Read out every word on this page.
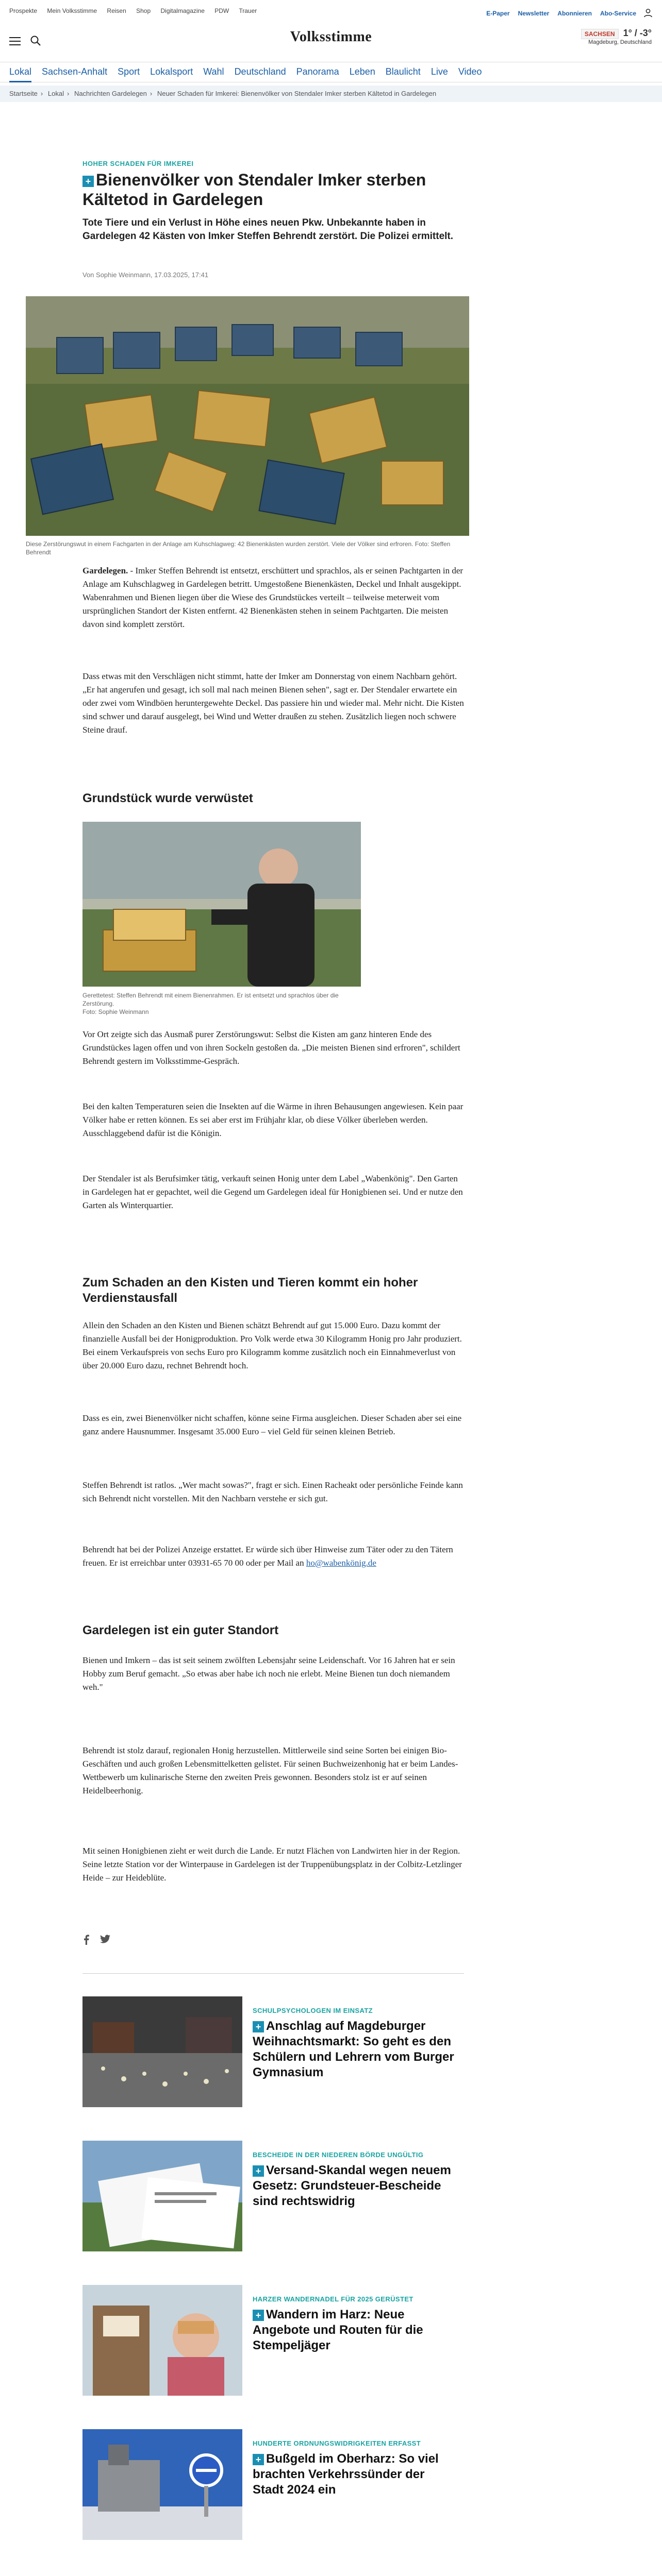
Prospekte Mein Volksstimme Reisen Shop Digitalmagazine PDW Trauer	E-Paper Newsletter Abonnieren Abo-Service
Volksstimme	SACHSEN 1° / -3°
Magdeburg, Deutschland
Lokal Sachsen-Anhalt Sport Lokalsport Wahl Deutschland Panorama Leben Blaulicht Live Video
Startseite › Lokal › Nachrichten Gardelegen › Neuer Schaden für Imkerei: Bienenvölker von Stendaler Imker sterben Kältetod in Gardelegen
HOHER SCHADEN FÜR IMKEREI
+ Bienenvölker von Stendaler Imker sterben Kältetod in Gardelegen
Tote Tiere und ein Verlust in Höhe eines neuen Pkw. Unbekannte haben in Gardelegen 42 Kästen von Imker Steffen Behrendt zerstört. Die Polizei ermittelt.
Von Sophie Weinmann, 17.03.2025, 17:41
Diese Zerstörungswut in einem Fachgarten in der Anlage am Kuhschlagweg: 42 Bienenkästen wurden zerstört. Viele der Völker sind erfroren. Foto: Steffen Behrendt
Gardelegen. - Imker Steffen Behrendt ist entsetzt, erschüttert und sprachlos, als er seinen Pachtgarten in der Anlage am Kuhschlagweg in Gardelegen betritt. Umgestoßene Bienenkästen, Deckel und Inhalt ausgekippt. Wabenrahmen und Bienen liegen über die Wiese des Grundstückes verteilt – teilweise meterweit vom ursprünglichen Standort der Kisten entfernt. 42 Bienenkästen stehen in seinem Pachtgarten. Die meisten davon sind komplett zerstört.
Dass etwas mit den Verschlägen nicht stimmt, hatte der Imker am Donnerstag von einem Nachbarn gehört. „Er hat angerufen und gesagt, ich soll mal nach meinen Bienen sehen", sagt er. Der Stendaler erwartete ein oder zwei vom Windböen heruntergewehte Deckel. Das passiere hin und wieder mal. Mehr nicht. Die Kisten sind schwer und darauf ausgelegt, bei Wind und Wetter draußen zu stehen. Zusätzlich liegen noch schwere Steine drauf.
Grundstück wurde verwüstet
Gerettetest: Steffen Behrendt mit einem Bienenrahmen. Er ist entsetzt und sprachlos über die Zerstörung.
Foto: Sophie Weinmann
Vor Ort zeigte sich das Ausmaß purer Zerstörungswut: Selbst die Kisten am ganz hinteren Ende des Grundstückes lagen offen und von ihren Sockeln gestoßen da. „Die meisten Bienen sind erfroren", schildert Behrendt gestern im Volksstimme-Gespräch.
Bei den kalten Temperaturen seien die Insekten auf die Wärme in ihren Behausungen angewiesen. Kein paar Völker habe er retten können. Es sei aber erst im Frühjahr klar, ob diese Völker überleben werden. Ausschlaggebend dafür ist die Königin.
Der Stendaler ist als Berufsimker tätig, verkauft seinen Honig unter dem Label „Wabenkönig". Den Garten in Gardelegen hat er gepachtet, weil die Gegend um Gardelegen ideal für Honigbienen sei. Und er nutze den Garten als Winterquartier.
Zum Schaden an den Kisten und Tieren kommt ein hoher Verdienstausfall
Allein den Schaden an den Kisten und Bienen schätzt Behrendt auf gut 15.000 Euro. Dazu kommt der finanzielle Ausfall bei der Honigproduktion. Pro Volk werde etwa 30 Kilogramm Honig pro Jahr produziert. Bei einem Verkaufspreis von sechs Euro pro Kilogramm komme zusätzlich noch ein Einnahmeverlust von über 20.000 Euro dazu, rechnet Behrendt hoch.
Dass es ein, zwei Bienenvölker nicht schaffen, könne seine Firma ausgleichen. Dieser Schaden aber sei eine ganz andere Hausnummer. Insgesamt 35.000 Euro – viel Geld für seinen kleinen Betrieb.
Steffen Behrendt ist ratlos. „Wer macht sowas?", fragt er sich. Einen Racheakt oder persönliche Feinde kann sich Behrendt nicht vorstellen. Mit den Nachbarn verstehe er sich gut.
Behrendt hat bei der Polizei Anzeige erstattet. Er würde sich über Hinweise zum Täter oder zu den Tätern freuen. Er ist erreichbar unter 03931-65 70 00 oder per Mail an ho@wabenkönig.de
Gardelegen ist ein guter Standort
Bienen und Imkern – das ist seit seinem zwölften Lebensjahr seine Leidenschaft. Vor 16 Jahren hat er sein Hobby zum Beruf gemacht. „So etwas aber habe ich noch nie erlebt. Meine Bienen tun doch niemandem weh."
Behrendt ist stolz darauf, regionalen Honig herzustellen. Mittlerweile sind seine Sorten bei einigen Bio-Geschäften und auch großen Lebensmittelketten gelistet. Für seinen Buchweizenhonig hat er beim Landes-Wettbewerb um kulinarische Sterne den zweiten Preis gewonnen. Besonders stolz ist er auf seinen Heidelbeerhonig.
Mit seinen Honigbienen zieht er weit durch die Lande. Er nutzt Flächen von Landwirten hier in der Region. Seine letzte Station vor der Winterpause in Gardelegen ist der Truppenübungsplatz in der Colbitz-Letzlinger Heide – zur Heideblüte.
SCHULPSYCHOLOGEN IM EINSATZ
+ Anschlag auf Magdeburger Weihnachtsmarkt: So geht es den Schülern und Lehrern vom Burger Gymnasium
BESCHEIDE IN DER NIEDEREN BÖRDE UNGÜLTIG
+ Versand-Skandal wegen neuem Gesetz: Grundsteuer-Bescheide sind rechtswidrig
HARZER WANDERNADEL FÜR 2025 GERÜSTET
+ Wandern im Harz: Neue Angebote und Routen für die Stempeljäger
HUNDERTE ORDNUNGSWIDRIGKEITEN ERFASST
+ Bußgeld im Oberharz: So viel brachten Verkehrssünder der Stadt 2024 ein
